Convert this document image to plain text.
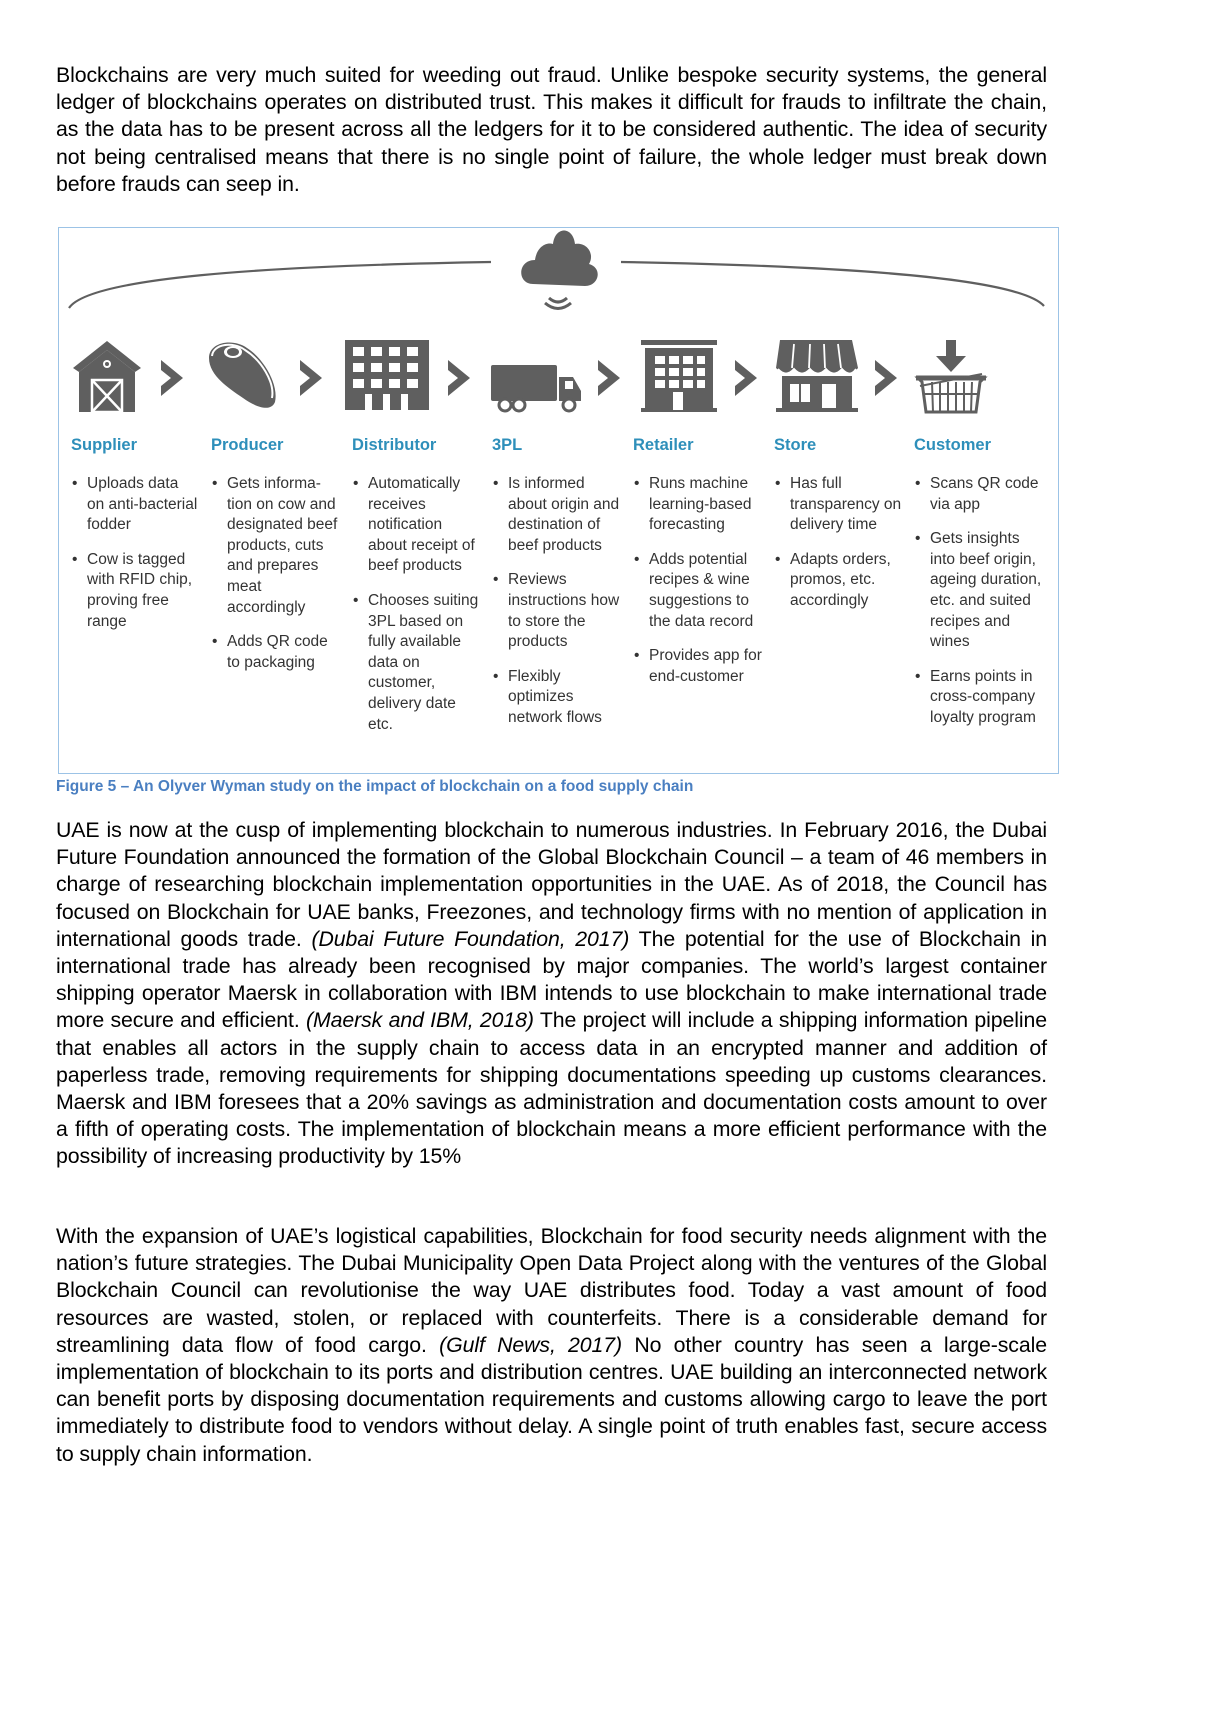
Blockchains are very much suited for weeding out fraud. Unlike bespoke security systems, the general ledger of blockchains operates on distributed trust. This makes it difficult for frauds to infiltrate the chain, as the data has to be present across all the ledgers for it to be considered authentic. The idea of security not being centralised means that there is no single point of failure, the whole ledger must break down before frauds can seep in.

Supplier
• Uploads data on anti-bacterial fodder
• Cow is tagged with RFID chip, proving free range
Producer
• Gets informa-tion on cow and designated beef products, cuts and prepares meat accordingly
• Adds QR code to packaging
Distributor
• Automatically receives notification about receipt of beef products
• Chooses suiting 3PL based on fully available data on customer, delivery date etc.
3PL
• Is informed about origin and destination of beef products
• Reviews instructions how to store the products
• Flexibly optimizes network flows
Retailer
• Runs machine learning-based forecasting
• Adds potential recipes & wine suggestions to the data record
• Provides app for end-customer
Store
• Has full transparency on delivery time
• Adapts orders, promos, etc. accordingly
Customer
• Scans QR code via app
• Gets insights into beef origin, ageing duration, etc. and suited recipes and wines
• Earns points in cross-company loyalty program
Figure 5 – An Olyver Wyman study on the impact of blockchain on a food supply chain

UAE is now at the cusp of implementing blockchain to numerous industries. In February 2016, the Dubai Future Foundation announced the formation of the Global Blockchain Council – a team of 46 members in charge of researching blockchain implementation opportunities in the UAE. As of 2018, the Council has focused on Blockchain for UAE banks, Freezones, and technology firms with no mention of application in international goods trade. (Dubai Future Foundation, 2017) The potential for the use of Blockchain in international trade has already been recognised by major companies. The world’s largest container shipping operator Maersk in collaboration with IBM intends to use blockchain to make international trade more secure and efficient. (Maersk and IBM, 2018) The project will include a shipping information pipeline that enables all actors in the supply chain to access data in an encrypted manner and addition of paperless trade, removing requirements for shipping documentations speeding up customs clearances. Maersk and IBM foresees that a 20% savings as administration and documentation costs amount to over a fifth of operating costs. The implementation of blockchain means a more efficient performance with the possibility of increasing productivity by 15%

With the expansion of UAE’s logistical capabilities, Blockchain for food security needs alignment with the nation’s future strategies. The Dubai Municipality Open Data Project along with the ventures of the Global Blockchain Council can revolutionise the way UAE distributes food. Today a vast amount of food resources are wasted, stolen, or replaced with counterfeits. There is a considerable demand for streamlining data flow of food cargo. (Gulf News, 2017) No other country has seen a large-scale implementation of blockchain to its ports and distribution centres. UAE building an interconnected network can benefit ports by disposing documentation requirements and customs allowing cargo to leave the port immediately to distribute food to vendors without delay. A single point of truth enables fast, secure access to supply chain information.
